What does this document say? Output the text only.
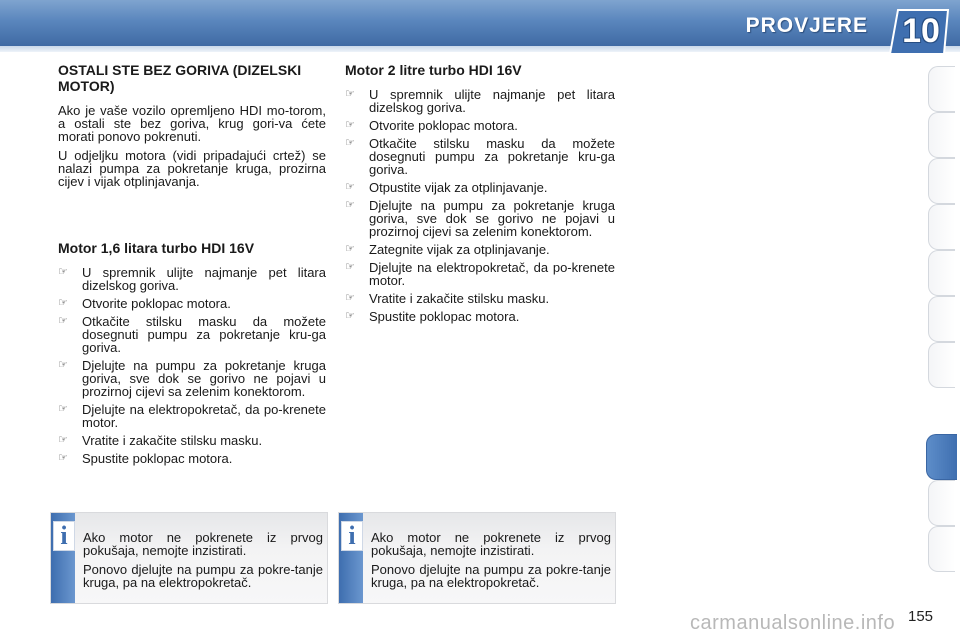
PROVJERE 10
OSTALI STE BEZ GORIVA (DIZELSKI MOTOR)

Ako je vaše vozilo opremljeno HDI mo-torom, a ostali ste bez goriva, krug gori-va ćete morati ponovo pokrenuti.

U odjeljku motora (vidi pripadajući crtež) se nalazi pumpa za pokretanje kruga, prozirna cijev i vijak otplinjavanja.

Motor 1,6 litara turbo HDI 16V
☞ U spremnik ulijte najmanje pet litara dizelskog goriva.
☞ Otvorite poklopac motora.
☞ Otkačite stilsku masku da možete dosegnuti pumpu za pokretanje kru-ga goriva.
☞ Djelujte na pumpu za pokretanje kruga goriva, sve dok se gorivo ne pojavi u prozirnoj cijevi sa zelenim konektorom.
☞ Djelujte na elektropokretač, da po-krenete motor.
☞ Vratite i zakačite stilsku masku.
☞ Spustite poklopac motora.
Motor 2 litre turbo HDI 16V
☞ U spremnik ulijte najmanje pet litara dizelskog goriva.
☞ Otvorite poklopac motora.
☞ Otkačite stilsku masku da možete dosegnuti pumpu za pokretanje kru-ga goriva.
☞ Otpustite vijak za otplinjavanje.
☞ Djelujte na pumpu za pokretanje kruga goriva, sve dok se gorivo ne pojavi u prozirnoj cijevi sa zelenim konektorom.
☞ Zategnite vijak za otplinjavanje.
☞ Djelujte na elektropokretač, da po-krenete motor.
☞ Vratite i zakačite stilsku masku.
☞ Spustite poklopac motora.
i	Ako motor ne pokrenete iz prvog pokušaja, nemojte inzistirati.

Ponovo djelujte na pumpu za pokre-tanje kruga, pa na elektropokretač.

i	Ako motor ne pokrenete iz prvog pokušaja, nemojte inzistirati.

Ponovo djelujte na pumpu za pokre-tanje kruga, pa na elektropokretač.

carmanualsonline.info 155
